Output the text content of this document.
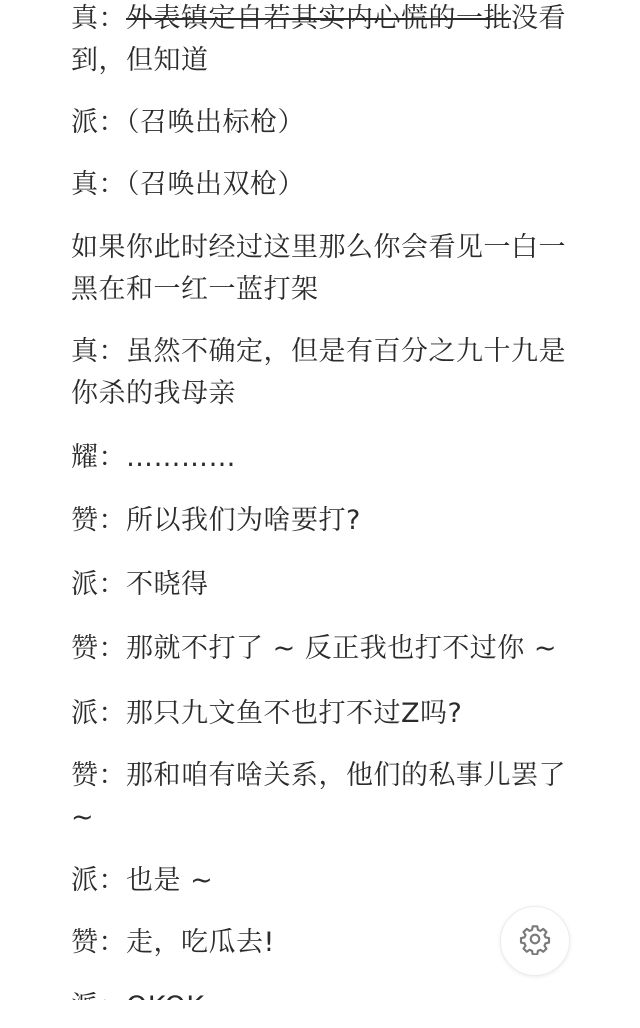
真：外表镇定自若其实内心慌的一批没看到，但知道

派：（召唤出标枪）

真：（召唤出双枪）

如果你此时经过这里那么你会看见一白一黑在和一红一蓝打架

真：虽然不确定，但是有百分之九十九是你杀的我母亲

耀：…………

赞：所以我们为啥要打?

派：不晓得

赞：那就不打了 ~ 反正我也打不过你 ~

派：那只九文鱼不也打不过Z吗?

赞：那和咱有啥关系，他们的私事儿罢了 ~

派：也是 ~

赞：走，吃瓜去!
